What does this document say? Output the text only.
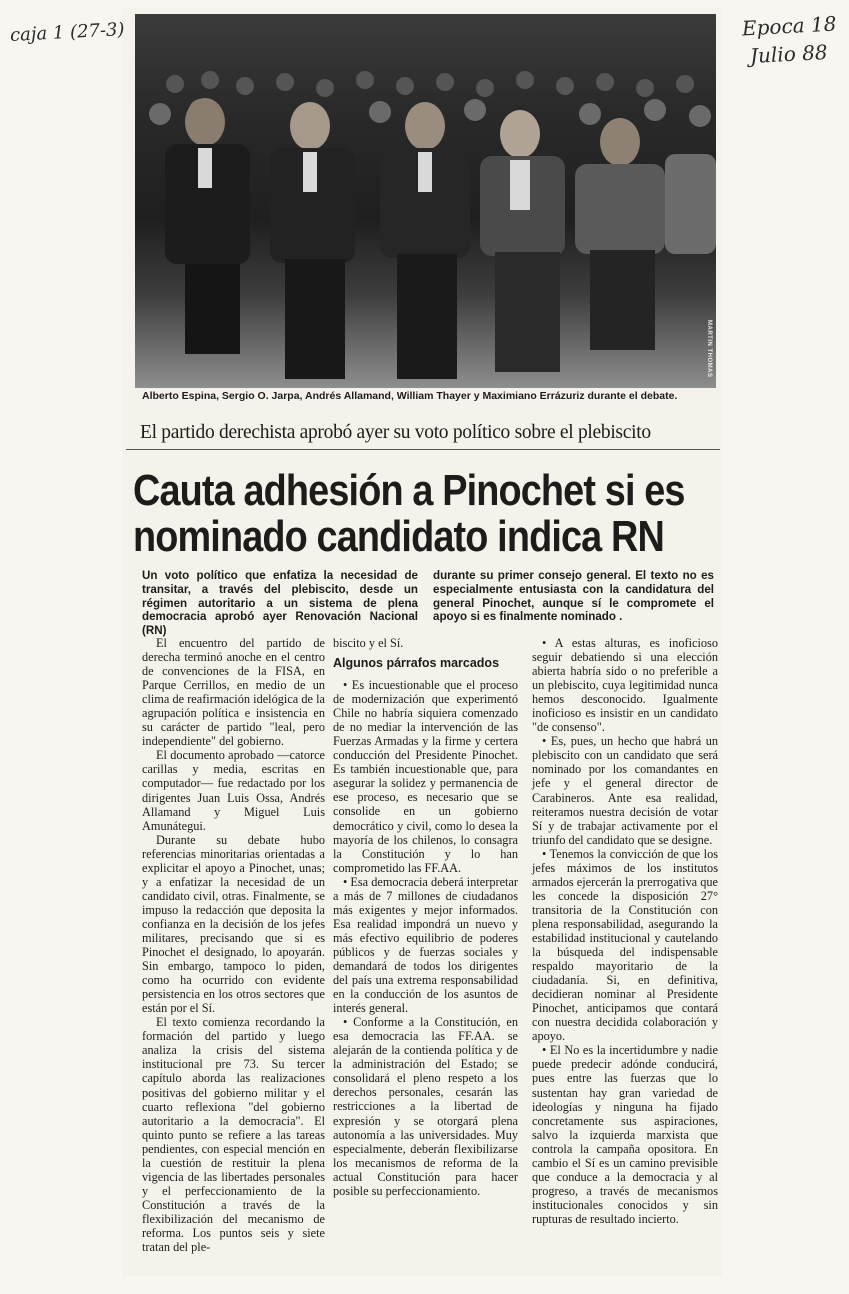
caja 1 (27-3)	Epoca 18
Julio 88
MARTIN THOMAS
Alberto Espina, Sergio O. Jarpa, Andrés Allamand, William Thayer y Maximiano Errázuriz durante el debate.
El partido derechista aprobó ayer su voto político sobre el plebiscito
Cauta adhesión a Pinochet si es
nominado candidato indica RN
Un voto político que enfatiza la necesidad de transitar, a través del plebiscito, desde un régimen autoritario a un sistema de plena democracia aprobó ayer Renovación Nacional (RN)
durante su primer consejo general. El texto no es especialmente entusiasta con la candidatura del general Pinochet, aunque sí le compromete el apoyo si es finalmente nominado .

El encuentro del partido de derecha terminó anoche en el centro de convenciones de la FISA, en Parque Cerrillos, en medio de un clima de reafirmación idelógica de la agrupación política e insistencia en su carácter de partido "leal, pero independiente" del gobierno.

El documento aprobado —catorce carillas y media, escritas en computador— fue redactado por los dirigentes Juan Luis Ossa, Andrés Allamand y Miguel Luis Amunátegui.

Durante su debate hubo referencias minoritarias orientadas a explicitar el apoyo a Pinochet, unas; y a enfatizar la necesidad de un candidato civil, otras. Finalmente, se impuso la redacción que deposita la confianza en la decisión de los jefes militares, precisando que si es Pinochet el designado, lo apoyarán. Sin embargo, tampoco lo piden, como ha ocurrido con evidente persistencia en los otros sectores que están por el Sí.

El texto comienza recordando la formación del partido y luego analiza la crisis del sistema institucional pre 73. Su tercer capítulo aborda las realizaciones positivas del gobierno militar y el cuarto reflexiona "del gobierno autoritario a la democracia". El quinto punto se refiere a las tareas pendientes, con especial mención en la cuestión de restituir la plena vigencia de las libertades personales y el perfeccionamiento de la Constitución a través de la flexibilización del mecanismo de reforma. Los puntos seis y siete tratan del ple-

biscito y el Sí.

Algunos párrafos marcados

• Es incuestionable que el proceso de modernización que experimentó Chile no habría siquiera comenzado de no mediar la intervención de las Fuerzas Armadas y la firme y certera conducción del Presidente Pinochet. Es también incuestionable que, para asegurar la solidez y permanencia de ese proceso, es necesario que se consolide en un gobierno democrático y civil, como lo desea la mayoría de los chilenos, lo consagra la Constitución y lo han comprometido las FF.AA.

• Esa democracia deberá interpretar a más de 7 millones de ciudadanos más exigentes y mejor informados. Esa realidad impondrá un nuevo y más efectivo equilibrio de poderes públicos y de fuerzas sociales y demandará de todos los dirigentes del país una extrema responsabilidad en la conducción de los asuntos de interés general.

• Conforme a la Constitución, en esa democracia las FF.AA. se alejarán de la contienda política y de la administración del Estado; se consolidará el pleno respeto a los derechos personales, cesarán las restricciones a la libertad de expresión y se otorgará plena autonomía a las universidades. Muy especialmente, deberán flexibilizarse los mecanismos de reforma de la actual Constitución para hacer posible su perfeccionamiento.

• A estas alturas, es inoficioso seguir debatiendo si una elección abierta habría sido o no preferible a un plebiscito, cuya legitimidad nunca hemos desconocido. Igualmente inoficioso es insistir en un candidato "de consenso".

• Es, pues, un hecho que habrá un plebiscito con un candidato que será nominado por los comandantes en jefe y el general director de Carabineros. Ante esa realidad, reiteramos nuestra decisión de votar Sí y de trabajar activamente por el triunfo del candidato que se designe.

• Tenemos la convicción de que los jefes máximos de los institutos armados ejercerán la prerrogativa que les concede la disposición 27° transitoria de la Constitución con plena responsabilidad, asegurando la estabilidad institucional y cautelando la búsqueda del indispensable respaldo mayoritario de la ciudadanía. Si, en definitiva, decidieran nominar al Presidente Pinochet, anticipamos que contará con nuestra decidida colaboración y apoyo.

• El No es la incertidumbre y nadie puede predecir adónde conducirá, pues entre las fuerzas que lo sustentan hay gran variedad de ideologías y ninguna ha fijado concretamente sus aspiraciones, salvo la izquierda marxista que controla la campaña opositora. En cambio el Sí es un camino previsible que conduce a la democracia y al progreso, a través de mecanismos institucionales conocidos y sin rupturas de resultado incierto.
